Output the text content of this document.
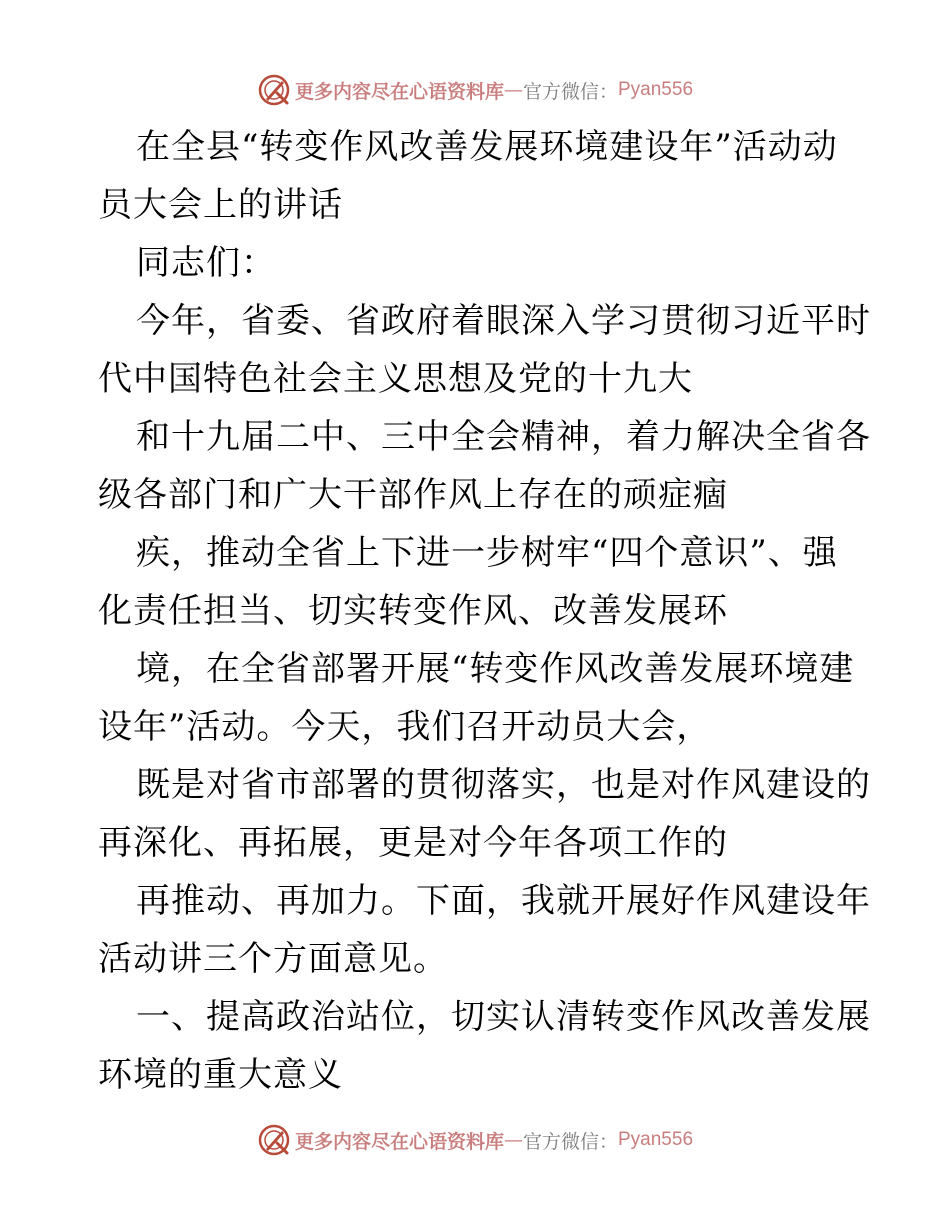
更多内容尽在心语资料库 — 官方微信： Pyan556
在全县“转变作风改善发展环境建设年”活动动
员大会上的讲话
同志们：
今年，省委、省政府着眼深入学习贯彻习近平时
代中国特色社会主义思想及党的十九大
和十九届二中、三中全会精神，着力解决全省各
级各部门和广大干部作风上存在的顽症痼
疾，推动全省上下进一步树牢“四个意识”、强
化责任担当、切实转变作风、改善发展环
境，在全省部署开展“转变作风改善发展环境建
设年”活动。今天，我们召开动员大会，
既是对省市部署的贯彻落实，也是对作风建设的
再深化、再拓展，更是对今年各项工作的
再推动、再加力。下面，我就开展好作风建设年
活动讲三个方面意见。
一、提高政治站位，切实认清转变作风改善发展
环境的重大意义
更多内容尽在心语资料库 — 官方微信： Pyan556
